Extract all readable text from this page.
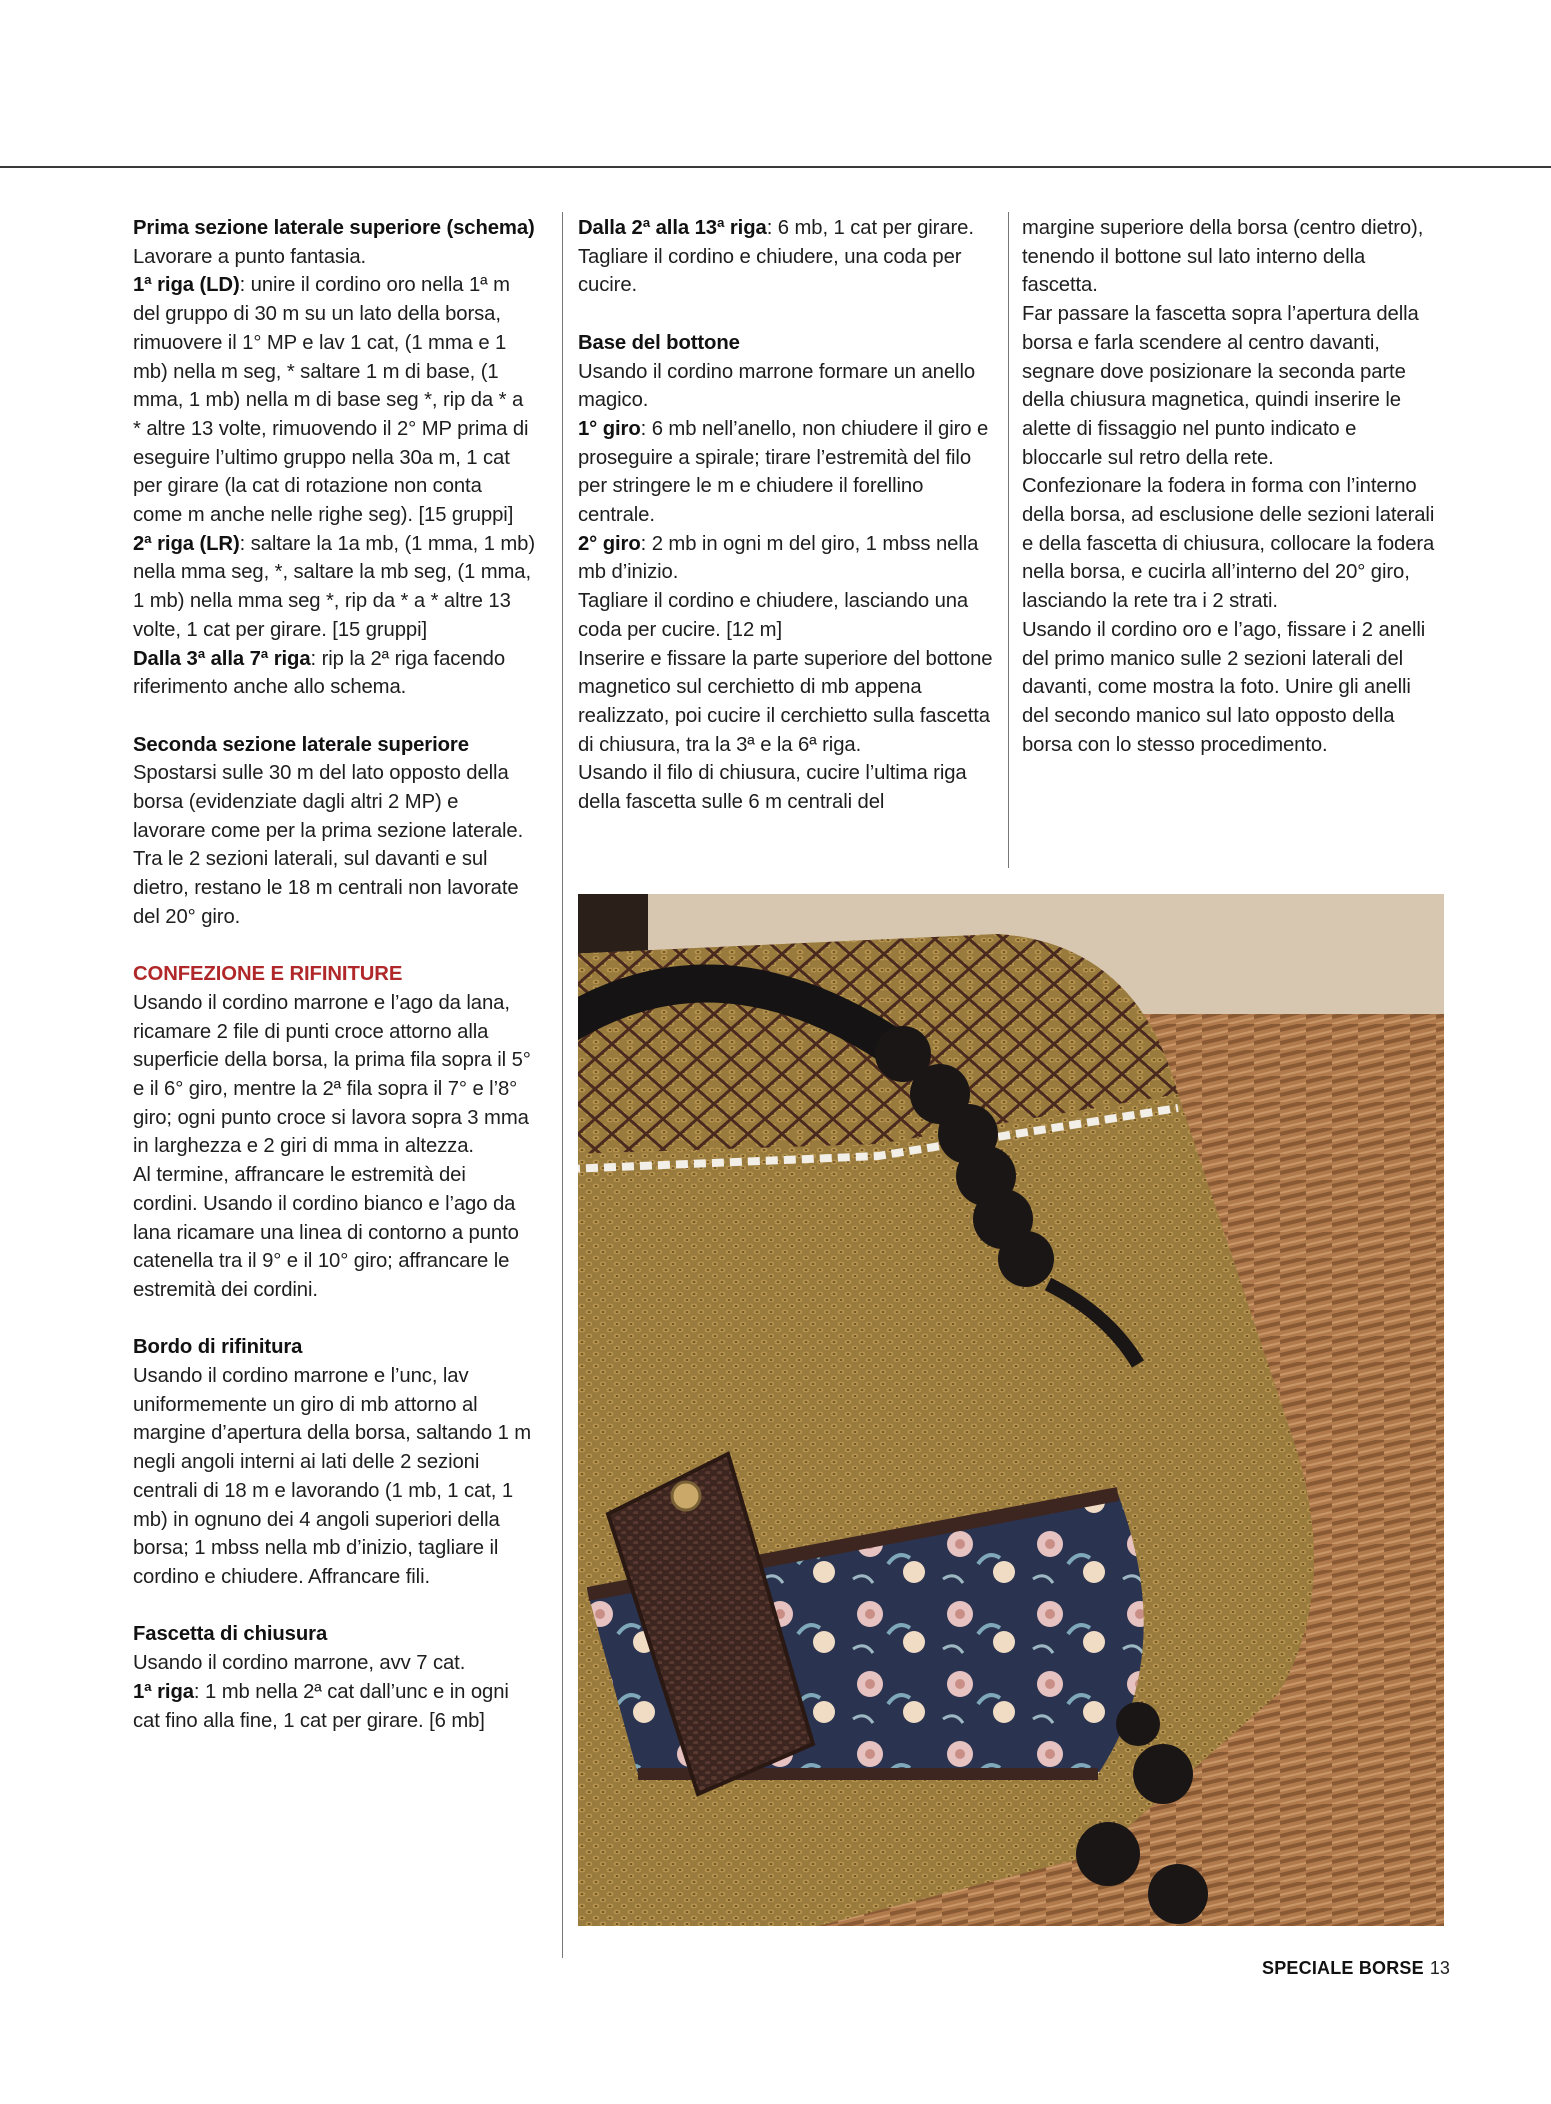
Prima sezione laterale superiore (schema)

Lavorare a punto fantasia.

1ª riga (LD): unire il cordino oro nella 1ª m del gruppo di 30 m su un lato della borsa, rimuovere il 1° MP e lav 1 cat, (1 mma e 1 mb) nella m seg, * saltare 1 m di base, (1 mma, 1 mb) nella m di base seg *, rip da * a * altre 13 volte, rimuovendo il 2° MP prima di eseguire l’ultimo gruppo nella 30a m, 1 cat per girare (la cat di rotazione non conta come m anche nelle righe seg). [15 gruppi]

2ª riga (LR): saltare la 1a mb, (1 mma, 1 mb) nella mma seg, *, saltare la mb seg, (1 mma, 1 mb) nella mma seg *, rip da * a * altre 13 volte, 1 cat per girare. [15 gruppi]

Dalla 3ª alla 7ª riga: rip la 2ª riga facendo riferimento anche allo schema.

Seconda sezione laterale superiore

Spostarsi sulle 30 m del lato opposto della borsa (evidenziate dagli altri 2 MP) e lavorare come per la prima sezione laterale.

Tra le 2 sezioni laterali, sul davanti e sul dietro, restano le 18 m centrali non lavorate del 20° giro.

CONFEZIONE E RIFINITURE

Usando il cordino marrone e l’ago da lana, ricamare 2 file di punti croce attorno alla superficie della borsa, la prima fila sopra il 5° e il 6° giro, mentre la 2ª fila sopra il 7° e l’8° giro; ogni punto croce si lavora sopra 3 mma in larghezza e 2 giri di mma in altezza.

Al termine, affrancare le estremità dei cordini. Usando il cordino bianco e l’ago da lana ricamare una linea di contorno a punto catenella tra il 9° e il 10° giro; affrancare le estremità dei cordini.

Bordo di rifinitura

Usando il cordino marrone e l’unc, lav uniformemente un giro di mb attorno al margine d’apertura della borsa, saltando 1 m negli angoli interni ai lati delle 2 sezioni centrali di 18 m e lavorando (1 mb, 1 cat, 1 mb) in ognuno dei 4 angoli superiori della borsa; 1 mbss nella mb d’inizio, tagliare il cordino e chiudere. Affrancare fili.

Fascetta di chiusura

Usando il cordino marrone, avv 7 cat.

1ª riga: 1 mb nella 2ª cat dall’unc e in ogni cat fino alla fine, 1 cat per girare. [6 mb]

Dalla 2ª alla 13ª riga: 6 mb, 1 cat per girare. Tagliare il cordino e chiudere, una coda per cucire.

Base del bottone

Usando il cordino marrone formare un anello magico.

1° giro: 6 mb nell’anello, non chiudere il giro e proseguire a spirale; tirare l’estremità del filo per stringere le m e chiudere il forellino centrale.

2° giro: 2 mb in ogni m del giro, 1 mbss nella mb d’inizio.

Tagliare il cordino e chiudere, lasciando una coda per cucire. [12 m]

Inserire e fissare la parte superiore del bottone magnetico sul cerchietto di mb appena realizzato, poi cucire il cerchietto sulla fascetta di chiusura, tra la 3ª e la 6ª riga.

Usando il filo di chiusura, cucire l’ultima riga della fascetta sulle 6 m centrali del

margine superiore della borsa (centro dietro), tenendo il bottone sul lato interno della fascetta.

Far passare la fascetta sopra l’apertura della borsa e farla scendere al centro davanti, segnare dove posizionare la seconda parte della chiusura magnetica, quindi inserire le alette di fissaggio nel punto indicato e bloccarle sul retro della rete.

Confezionare la fodera in forma con l’interno della borsa, ad esclusione delle sezioni laterali e della fascetta di chiusura, collocare la fodera nella borsa, e cucirla all’interno del 20° giro, lasciando la rete tra i 2 strati.

Usando il cordino oro e l’ago, fissare i 2 anelli del primo manico sulle 2 sezioni laterali del davanti, come mostra la foto. Unire gli anelli del secondo manico sul lato opposto della borsa con lo stesso procedimento.

SPECIALE BORSE 13
